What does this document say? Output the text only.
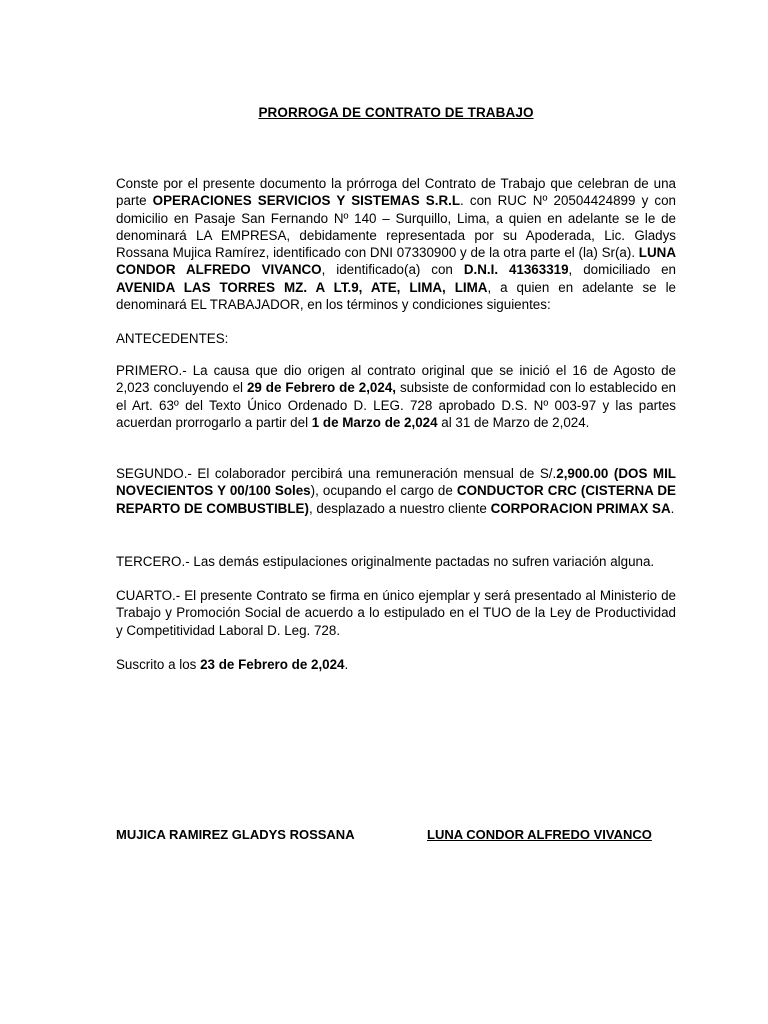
PRORROGA DE CONTRATO DE TRABAJO

Conste por el presente documento la prórroga del Contrato de Trabajo que celebran de una parte OPERACIONES SERVICIOS Y SISTEMAS S.R.L. con RUC Nº 20504424899 y con domicilio en Pasaje San Fernando Nº 140 – Surquillo, Lima, a quien en adelante se le de denominará LA EMPRESA, debidamente representada por su Apoderada, Lic. Gladys Rossana Mujica Ramírez, identificado con DNI 07330900 y de la otra parte el (la) Sr(a). LUNA CONDOR ALFREDO VIVANCO, identificado(a) con D.N.I. 41363319, domiciliado en AVENIDA LAS TORRES MZ. A LT.9, ATE, LIMA, LIMA, a quien en adelante se le denominará EL TRABAJADOR, en los términos y condiciones siguientes:

ANTECEDENTES:

PRIMERO.- La causa que dio origen al contrato original que se inició el 16 de Agosto de 2,023 concluyendo el 29 de Febrero de 2,024, subsiste de conformidad con lo establecido en el Art. 63º del Texto Único Ordenado D. LEG. 728 aprobado D.S. Nº 003-97 y las partes acuerdan prorrogarlo a partir del 1 de Marzo de 2,024 al 31 de Marzo de 2,024.

SEGUNDO.- El colaborador percibirá una remuneración mensual de S/.2,900.00 (DOS MIL NOVECIENTOS Y 00/100 Soles), ocupando el cargo de CONDUCTOR CRC (CISTERNA DE REPARTO DE COMBUSTIBLE), desplazado a nuestro cliente CORPORACION PRIMAX SA.

TERCERO.- Las demás estipulaciones originalmente pactadas no sufren variación alguna.

CUARTO.- El presente Contrato se firma en único ejemplar y será presentado al Ministerio de Trabajo y Promoción Social de acuerdo a lo estipulado en el TUO de la Ley de Productividad y Competitividad Laboral D. Leg. 728.

Suscrito a los 23 de Febrero de 2,024.

MUJICA RAMIREZ GLADYS ROSSANA	LUNA CONDOR ALFREDO VIVANCO
